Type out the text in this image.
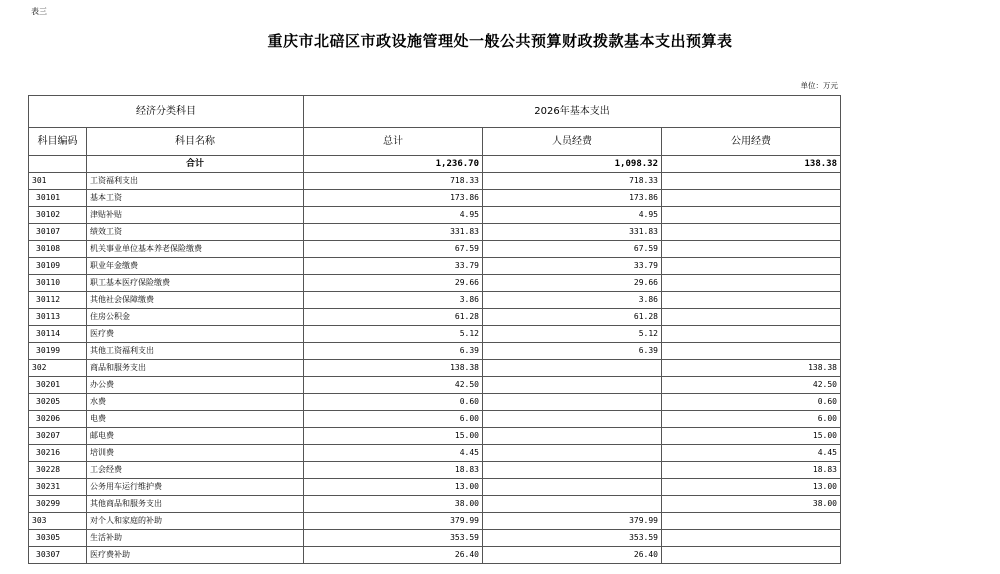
表三
重庆市北碚区市政设施管理处一般公共预算财政拨款基本支出预算表
单位：万元
经济分类科目		2026年基本支出		
科目编码	科目名称	总计	人员经费	公用经费
	合计	1,236.70	1,098.32	138.38
301	工资福利支出	718.33	718.33	
30101	基本工资	173.86	173.86	
30102	津贴补贴	4.95	4.95	
30107	绩效工资	331.83	331.83	
30108	机关事业单位基本养老保险缴费	67.59	67.59	
30109	职业年金缴费	33.79	33.79	
30110	职工基本医疗保险缴费	29.66	29.66	
30112	其他社会保障缴费	3.86	3.86	
30113	住房公积金	61.28	61.28	
30114	医疗费	5.12	5.12	
30199	其他工资福利支出	6.39	6.39	
302	商品和服务支出	138.38		138.38
30201	办公费	42.50		42.50
30205	水费	0.60		0.60
30206	电费	6.00		6.00
30207	邮电费	15.00		15.00
30216	培训费	4.45		4.45
30228	工会经费	18.83		18.83
30231	公务用车运行维护费	13.00		13.00
30299	其他商品和服务支出	38.00		38.00
303	对个人和家庭的补助	379.99	379.99	
30305	生活补助	353.59	353.59	
30307	医疗费补助	26.40	26.40	
